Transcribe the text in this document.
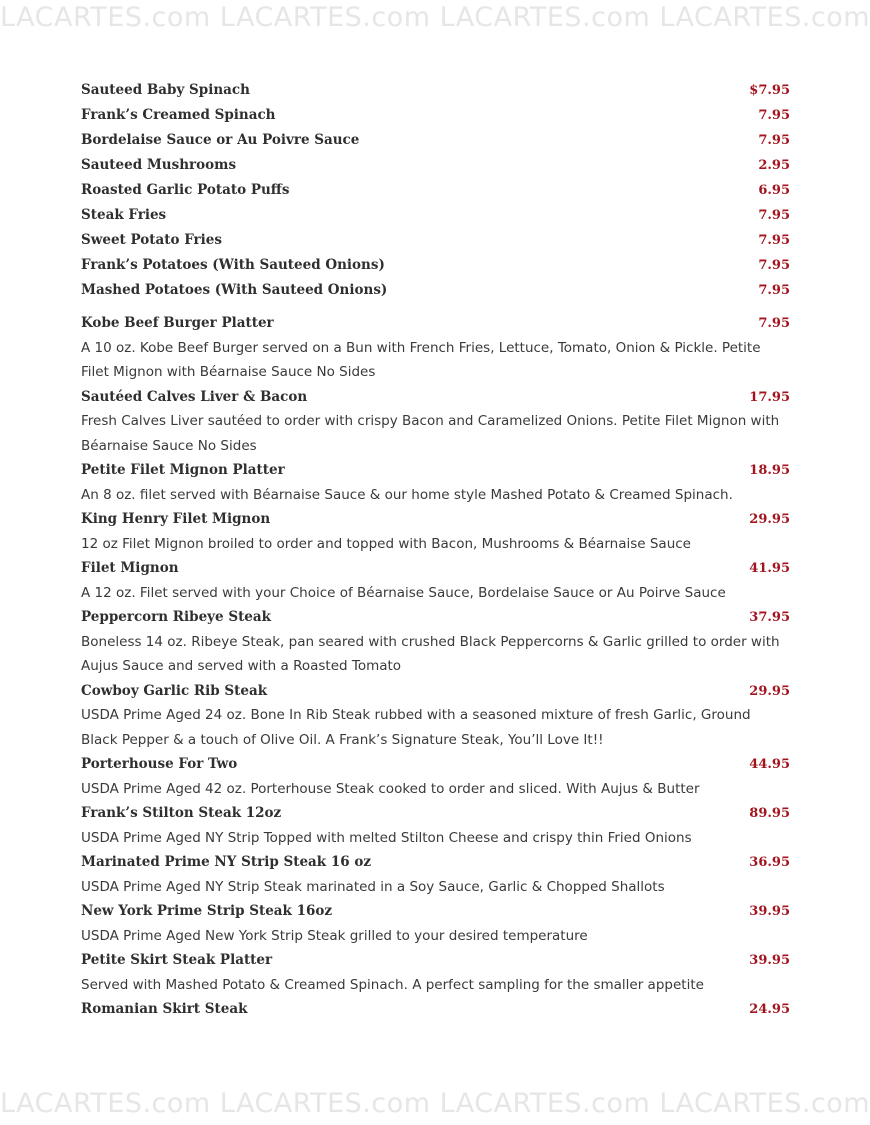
LACARTES.com LACARTES.com LACARTES.com LACARTES.com
Sauteed Baby Spinach	$7.95
Frank’s Creamed Spinach	7.95
Bordelaise Sauce or Au Poivre Sauce	7.95
Sauteed Mushrooms	2.95
Roasted Garlic Potato Puffs	6.95
Steak Fries	7.95
Sweet Potato Fries	7.95
Frank’s Potatoes (With Sauteed Onions)	7.95
Mashed Potatoes (With Sauteed Onions)	7.95
Kobe Beef Burger Platter	7.95

A 10 oz. Kobe Beef Burger served on a Bun with French Fries, Lettuce, Tomato, Onion & Pickle. Petite Filet Mignon with Béarnaise Sauce No Sides

Sautéed Calves Liver & Bacon	17.95

Fresh Calves Liver sautéed to order with crispy Bacon and Caramelized Onions. Petite Filet Mignon with Béarnaise Sauce No Sides

Petite Filet Mignon Platter	18.95

An 8 oz. filet served with Béarnaise Sauce & our home style Mashed Potato & Creamed Spinach.

King Henry Filet Mignon	29.95

12 oz Filet Mignon broiled to order and topped with Bacon, Mushrooms & Béarnaise Sauce

Filet Mignon	41.95

A 12 oz. Filet served with your Choice of Béarnaise Sauce, Bordelaise Sauce or Au Poirve Sauce

Peppercorn Ribeye Steak	37.95

Boneless 14 oz. Ribeye Steak, pan seared with crushed Black Peppercorns & Garlic grilled to order with Aujus Sauce and served with a Roasted Tomato

Cowboy Garlic Rib Steak	29.95

USDA Prime Aged 24 oz. Bone In Rib Steak rubbed with a seasoned mixture of fresh Garlic, Ground Black Pepper & a touch of Olive Oil. A Frank’s Signature Steak, You’ll Love It!!

Porterhouse For Two	44.95

USDA Prime Aged 42 oz. Porterhouse Steak cooked to order and sliced. With Aujus & Butter

Frank’s Stilton Steak 12oz	89.95

USDA Prime Aged NY Strip Topped with melted Stilton Cheese and crispy thin Fried Onions

Marinated Prime NY Strip Steak 16 oz	36.95

USDA Prime Aged NY Strip Steak marinated in a Soy Sauce, Garlic & Chopped Shallots

New York Prime Strip Steak 16oz	39.95

USDA Prime Aged New York Strip Steak grilled to your desired temperature

Petite Skirt Steak Platter	39.95

Served with Mashed Potato & Creamed Spinach. A perfect sampling for the smaller appetite

Romanian Skirt Steak	24.95
LACARTES.com LACARTES.com LACARTES.com LACARTES.com
